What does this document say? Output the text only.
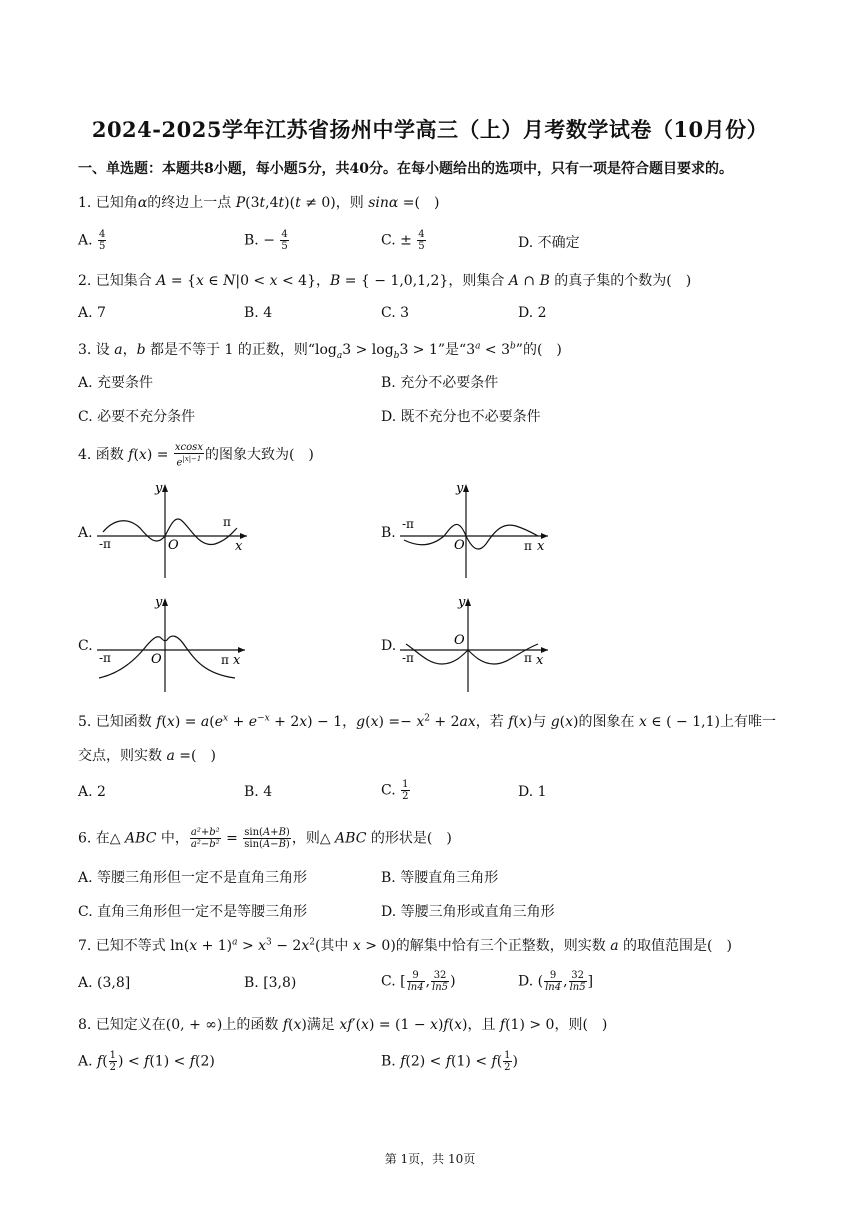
2024-2025学年江苏省扬州中学高三（上）月考数学试卷（10月份）
一、单选题：本题共8小题，每小题5分，共40分。在每小题给出的选项中，只有一项是符合题目要求的。
1. 已知角α的终边上一点 P(3t,4t)(t ≠ 0)，则 sinα =(　)
A. $\frac{4}{5}$	B. − $\frac{4}{5}$	C. ± $\frac{4}{5}$	D. 不确定
2. 已知集合 A = {x ∈ N|0 < x < 4}，B = { − 1,0,1,2}，则集合 A ∩ B 的真子集的个数为(　)
A. 7	B. 4	C. 3	D. 2
3. 设 a，b 都是不等于 1 的正数，则“$\log_a3 > \log_b3 > 1$”是“$3^a < 3^b$”的(　)
A. 充要条件	B. 充分不必要条件
C. 必要不充分条件	D. 既不充分也不必要条件
4. 函数 $f(x) = \frac{xcosx}{e^{|x|-1}}$ 的图象大致为(　)
A.
y
x
O
π
-π
B.
y
x
O	π
-π
C.
y
x
O	π
-π
D.
y
x
O
π
-π
5. 已知函数 $f(x) = a(e^x + e^{-x} + 2x) - 1$，$g(x) =- x^2 + 2ax$，若 f(x)与 g(x)的图象在 x ∈ ( − 1,1)上有唯一
交点，则实数 a =(　)
A. 2	B. 4	C. $\frac{1}{2}$	D. 1
6. 在△ ABC 中， $\frac{\text{a²+b²}}{\text{a²−b²}} = \frac{\sin(A+B)}{\sin(A-B)}$ ，则△ ABC 的形状是(　)
A. 等腰三角形但一定不是直角三角形	B. 等腰直角三角形
C. 直角三角形但一定不是等腰三角形	D. 等腰三角形或直角三角形
7. 已知不等式 $\ln(x + 1)^a > x^3 - 2x^2$(其中 x > 0)的解集中恰有三个正整数，则实数 a 的取值范围是(　)
A. (3,8]	B. [3,8)	C. [ $\frac{9}{\ln 4}$ , $\frac{32}{\ln 5}$ )	D. ( $\frac{9}{\ln 4}$ , $\frac{32}{\ln 5}$ ]
8. 已知定义在(0, + ∞)上的函数 f(x)满足 xf′(x) = (1 − x)f(x)，且 f(1) > 0，则(　)
A. $f( \frac{1}{2}$ ) < f(1) < f(2)	B. $f(2) < f(1) < f( \frac{1}{2}$ )
第 1页，共 10页
